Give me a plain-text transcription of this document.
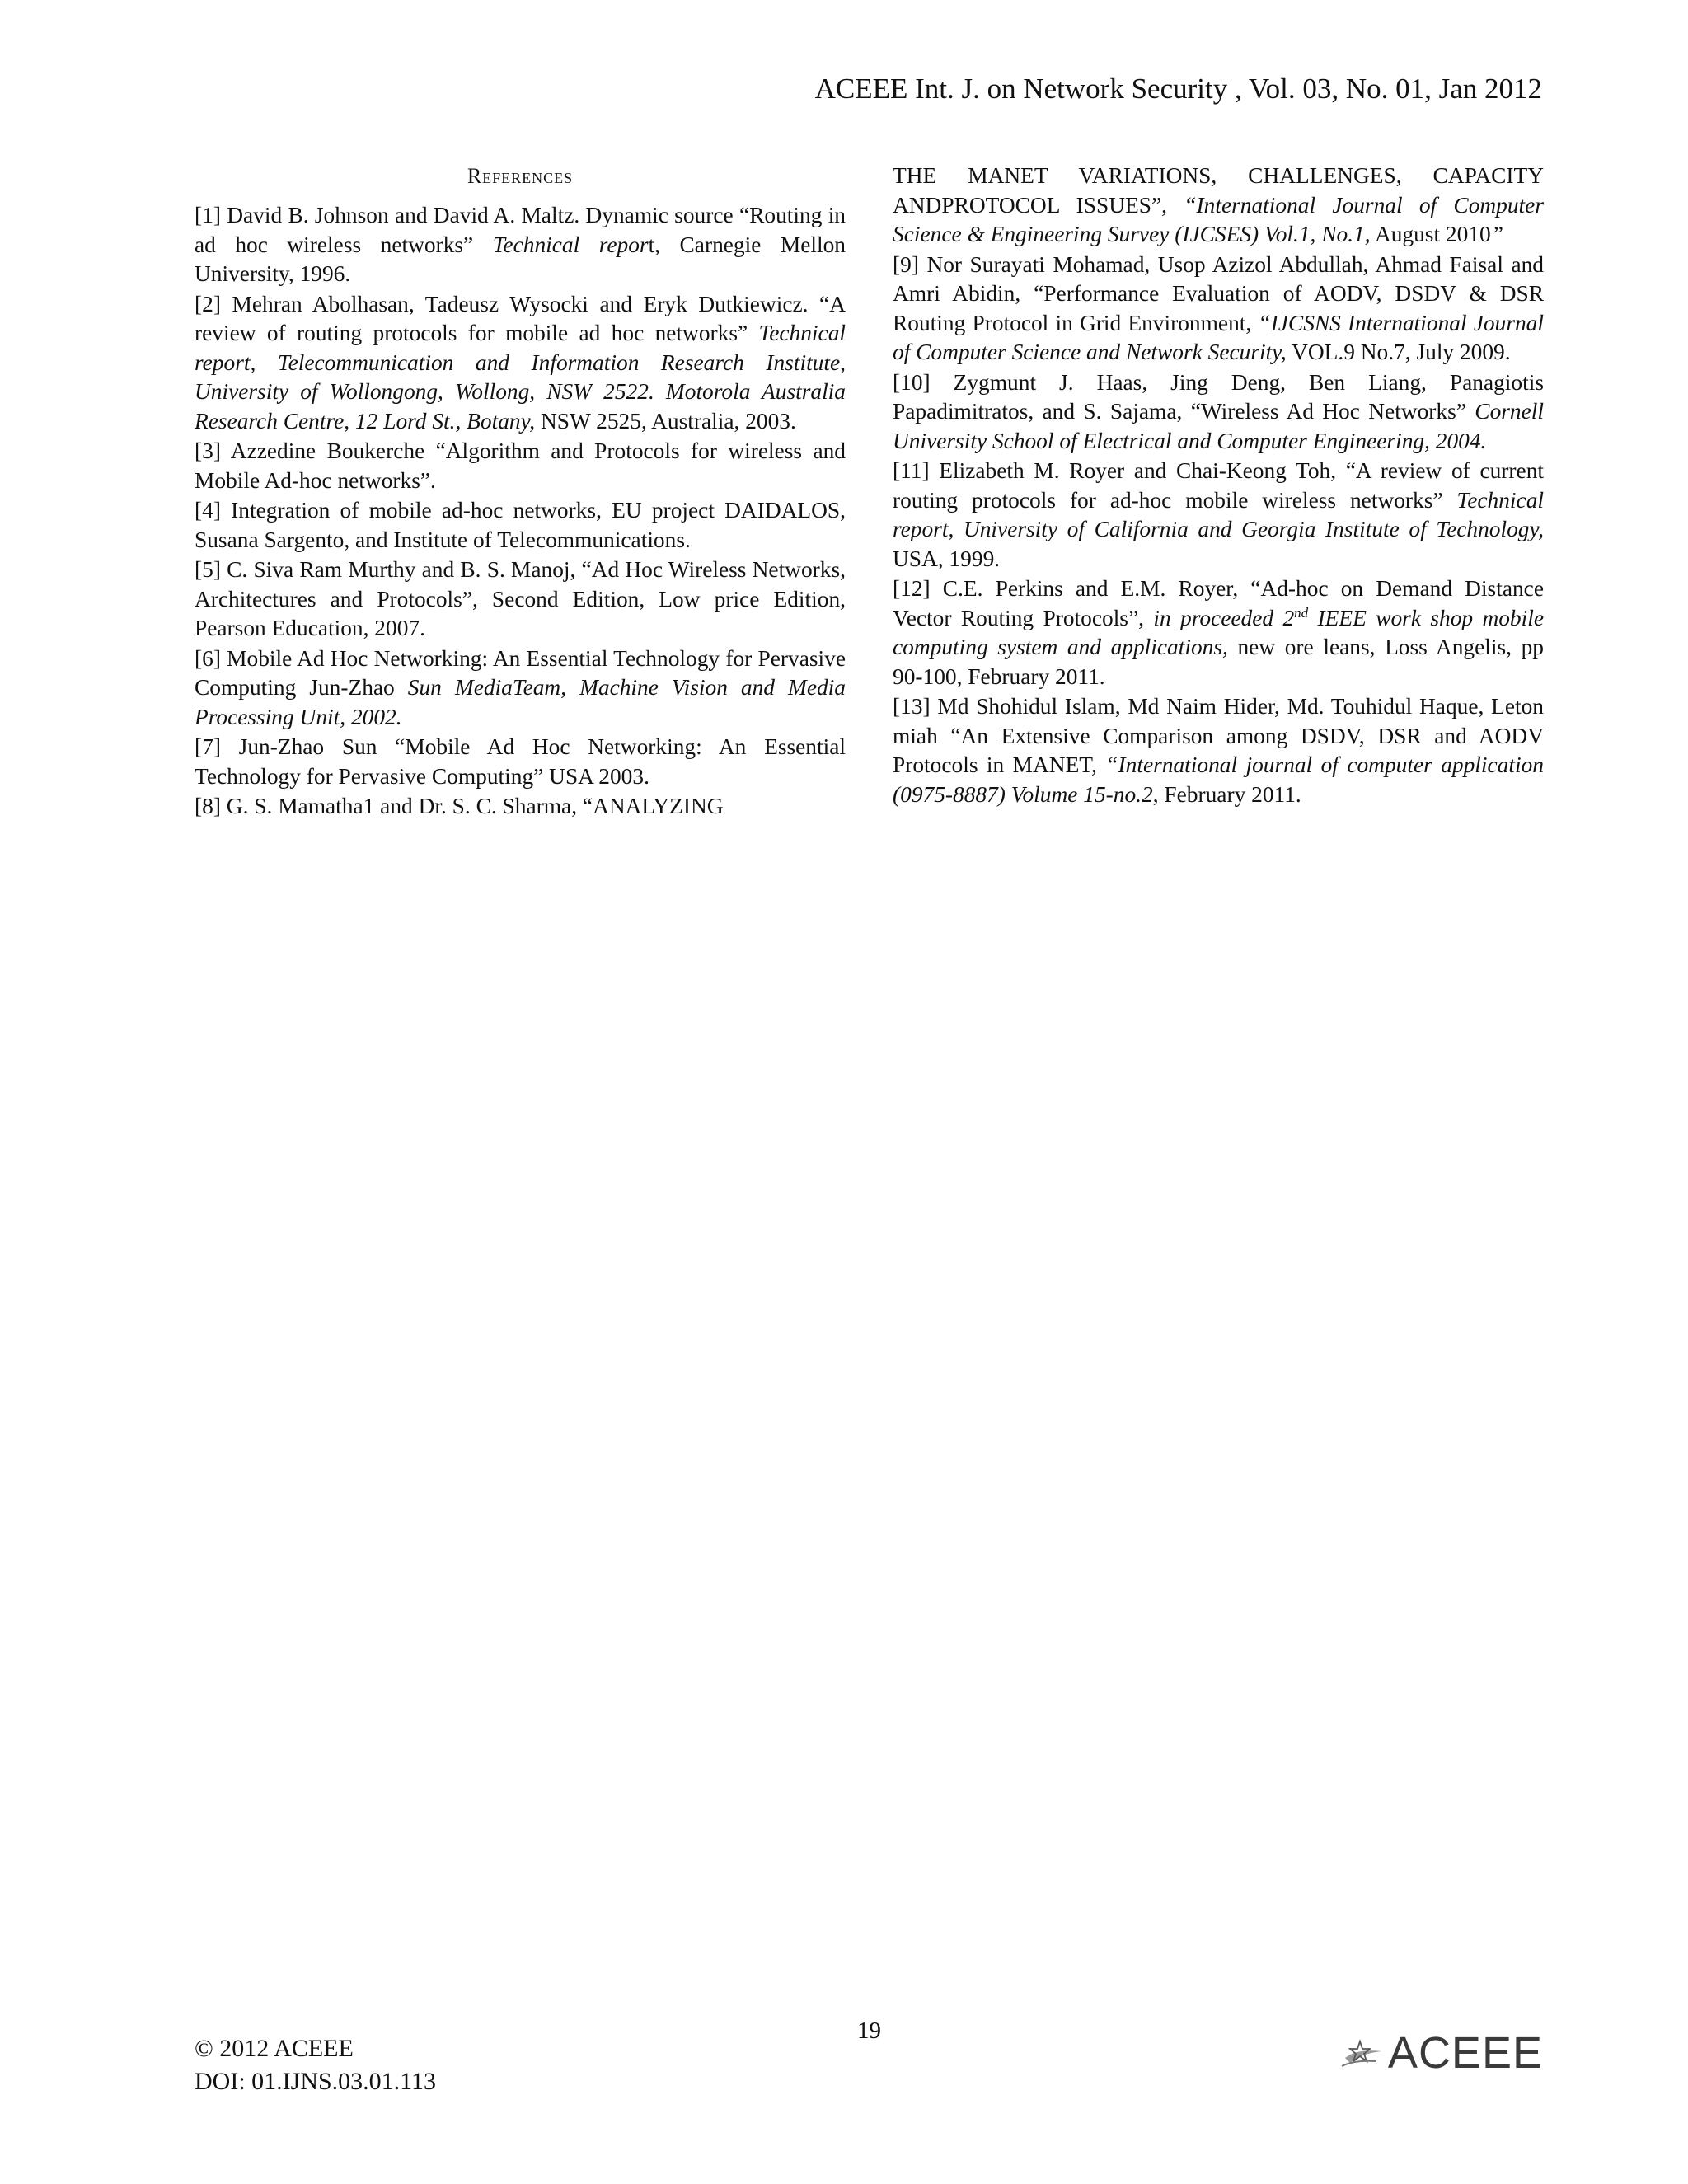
ACEEE Int. J. on Network Security , Vol. 03, No. 01, Jan 2012
References
[1] David B. Johnson and David A. Maltz. Dynamic source “Routing in ad hoc wireless networks” Technical report, Carnegie Mellon University, 1996.
[2] Mehran Abolhasan, Tadeusz Wysocki and Eryk Dutkiewicz. “A review of routing protocols for mobile ad hoc networks” Technical report, Telecommunication and Information Research Institute, University of Wollongong, Wollong, NSW 2522. Motorola Australia Research Centre, 12 Lord St., Botany, NSW 2525, Australia, 2003.
[3] Azzedine Boukerche “Algorithm and Protocols for wireless and Mobile Ad-hoc networks”.
[4] Integration of mobile ad-hoc networks, EU project DAIDALOS, Susana Sargento, and Institute of Telecommunications.
[5] C. Siva Ram Murthy and B. S. Manoj, “Ad Hoc Wireless Networks, Architectures and Protocols”, Second Edition, Low price Edition, Pearson Education, 2007.
[6] Mobile Ad Hoc Networking: An Essential Technology for Pervasive Computing Jun-Zhao Sun MediaTeam, Machine Vision and Media Processing Unit, 2002.
[7] Jun-Zhao Sun “Mobile Ad Hoc Networking: An Essential Technology for Pervasive Computing” USA 2003.
[8] G. S. Mamatha1 and Dr. S. C. Sharma, “ANALYZING
THE MANET VARIATIONS, CHALLENGES, CAPACITY ANDPROTOCOL ISSUES”, “International Journal of Computer Science & Engineering Survey (IJCSES) Vol.1, No.1, August 2010”
[9] Nor Surayati Mohamad, Usop Azizol Abdullah, Ahmad Faisal and Amri Abidin, “Performance Evaluation of AODV, DSDV & DSR Routing Protocol in Grid Environment, “IJCSNS International Journal of Computer Science and Network Security, VOL.9 No.7, July 2009.
[10] Zygmunt J. Haas, Jing Deng, Ben Liang, Panagiotis Papadimitratos, and S. Sajama, “Wireless Ad Hoc Networks” Cornell University School of Electrical and Computer Engineering, 2004.
[11] Elizabeth M. Royer and Chai-Keong Toh, “A review of current routing protocols for ad-hoc mobile wireless networks” Technical report, University of California and Georgia Institute of Technology, USA, 1999.
[12] C.E. Perkins and E.M. Royer, “Ad-hoc on Demand Distance Vector Routing Protocols”, in proceeded 2nd IEEE work shop mobile computing system and applications, new ore leans, Loss Angelis, pp 90-100, February 2011.
[13] Md Shohidul Islam, Md Naim Hider, Md. Touhidul Haque, Leton miah “An Extensive Comparison among DSDV, DSR and AODV Protocols in MANET, “International journal of computer application (0975-8887) Volume 15-no.2, February 2011.
19
© 2012 ACEEE
DOI: 01.IJNS.03.01.113
ACEEE
